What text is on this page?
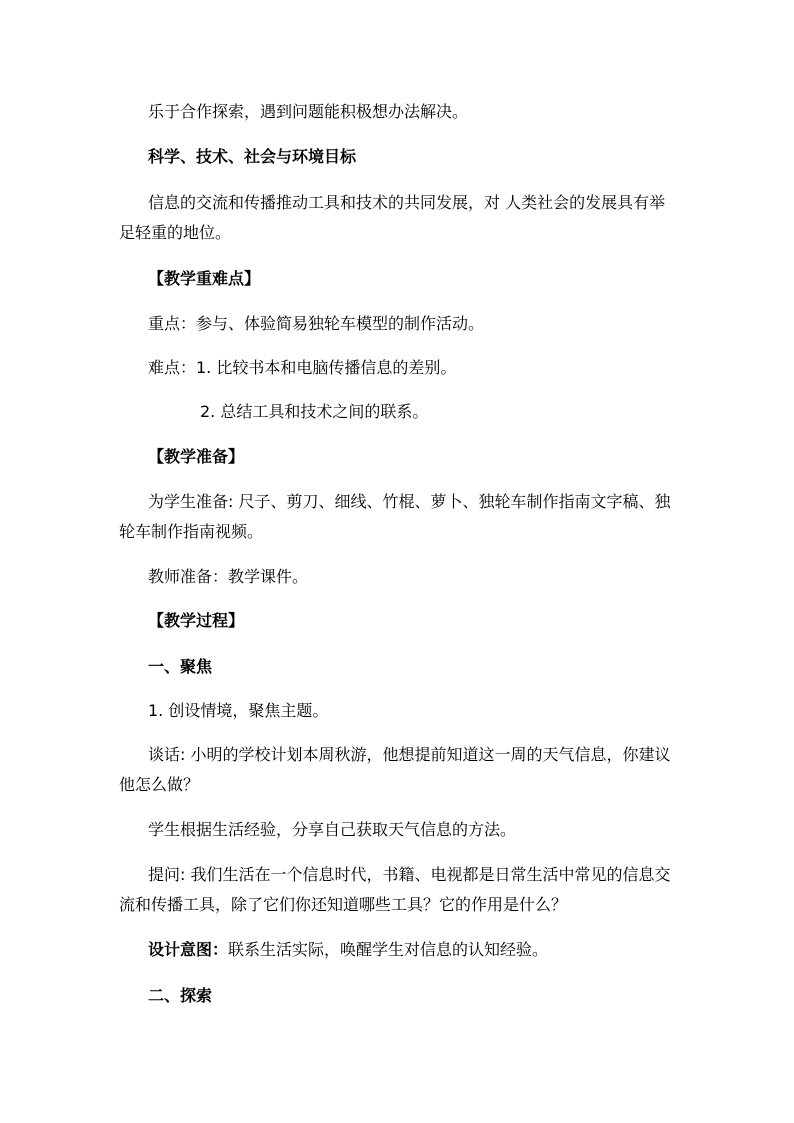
乐于合作探索，遇到问题能积极想办法解决。
科学、技术、社会与环境目标
信息的交流和传播推动工具和技术的共同发展，对 人类社会的发展具有举
足轻重的地位。
【教学重难点】
重点：参与、体验简易独轮车模型的制作活动。
难点：1. 比较书本和电脑传播信息的差别。
2. 总结工具和技术之间的联系。
【教学准备】
为学生准备: 尺子、剪刀、细线、竹棍、萝卜、独轮车制作指南文字稿、独
轮车制作指南视频。
教师准备：教学课件。
【教学过程】
一、聚焦
1. 创设情境，聚焦主题。
谈话: 小明的学校计划本周秋游，他想提前知道这一周的天气信息，你建议
他怎么做？
学生根据生活经验，分享自己获取天气信息的方法。
提问: 我们生活在一个信息时代，书籍、电视都是日常生活中常见的信息交
流和传播工具，除了它们你还知道哪些工具？它的作用是什么？
设计意图：联系生活实际，唤醒学生对信息的认知经验。
二、探索
